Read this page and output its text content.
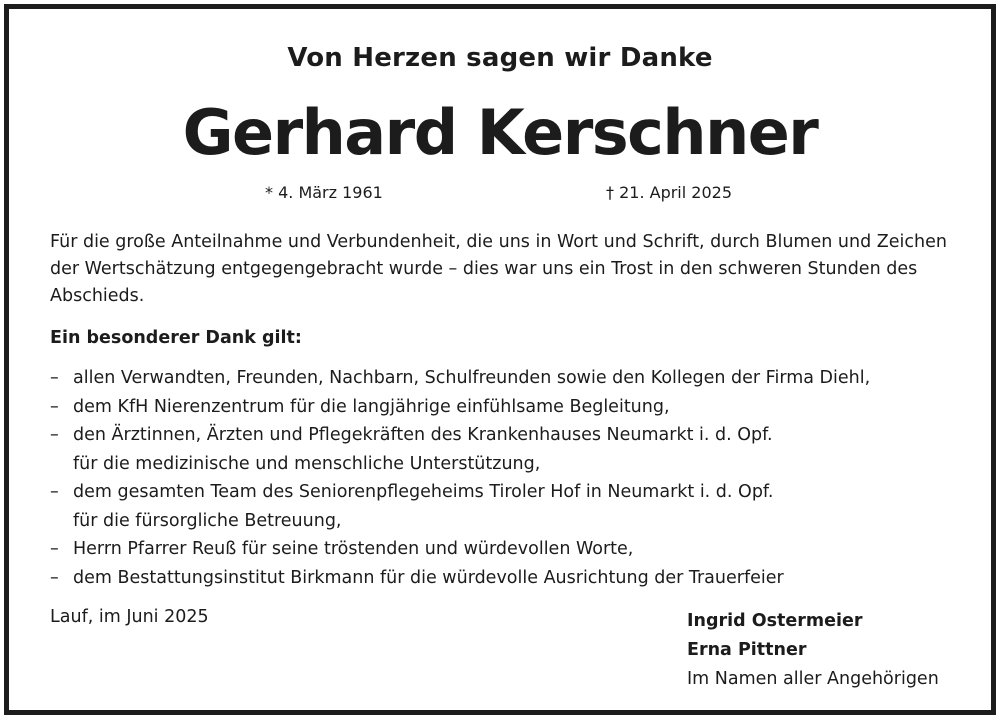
Von Herzen sagen wir Danke
Gerhard Kerschner
* 4. März 1961	† 21. April 2025
Für die große Anteilnahme und Verbundenheit, die uns in Wort und Schrift, durch Blumen und Zeichen
der Wertschätzung entgegengebracht wurde – dies war uns ein Trost in den schweren Stunden des
Abschieds.
Ein besonderer Dank gilt:
– allen Verwandten, Freunden, Nachbarn, Schulfreunden sowie den Kollegen der Firma Diehl,
– dem KfH Nierenzentrum für die langjährige einfühlsame Begleitung,
– den Ärztinnen, Ärzten und Pflegekräften des Krankenhauses Neumarkt i. d. Opf.
für die medizinische und menschliche Unterstützung,
– dem gesamten Team des Seniorenpflegeheims Tiroler Hof in Neumarkt i. d. Opf.
für die fürsorgliche Betreuung,
– Herrn Pfarrer Reuß für seine tröstenden und würdevollen Worte,
– dem Bestattungsinstitut Birkmann für die würdevolle Ausrichtung der Trauerfeier
Lauf, im Juni 2025	Ingrid Ostermeier
Erna Pittner
Im Namen aller Angehörigen
